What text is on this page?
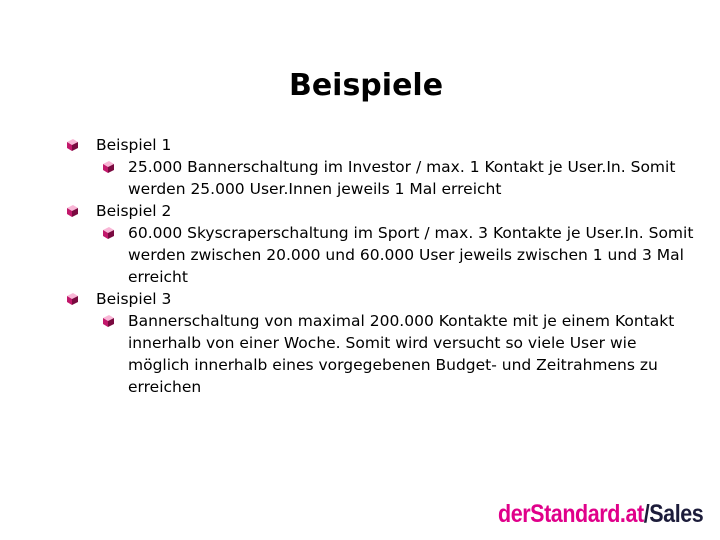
Beispiele
Beispiel 1
25.000 Bannerschaltung im Investor / max. 1 Kontakt je User.In. Somit werden 25.000 User.Innen jeweils 1 Mal erreicht
Beispiel 2
60.000 Skyscraperschaltung im Sport / max. 3 Kontakte je User.In. Somit werden zwischen 20.000 und 60.000 User jeweils zwischen 1 und 3 Mal erreicht
Beispiel 3
Bannerschaltung von maximal 200.000 Kontakte mit je einem Kontakt innerhalb von einer Woche. Somit wird versucht so viele User wie möglich innerhalb eines vorgegebenen Budget- und Zeitrahmens zu erreichen
derStandard.at/Sales
